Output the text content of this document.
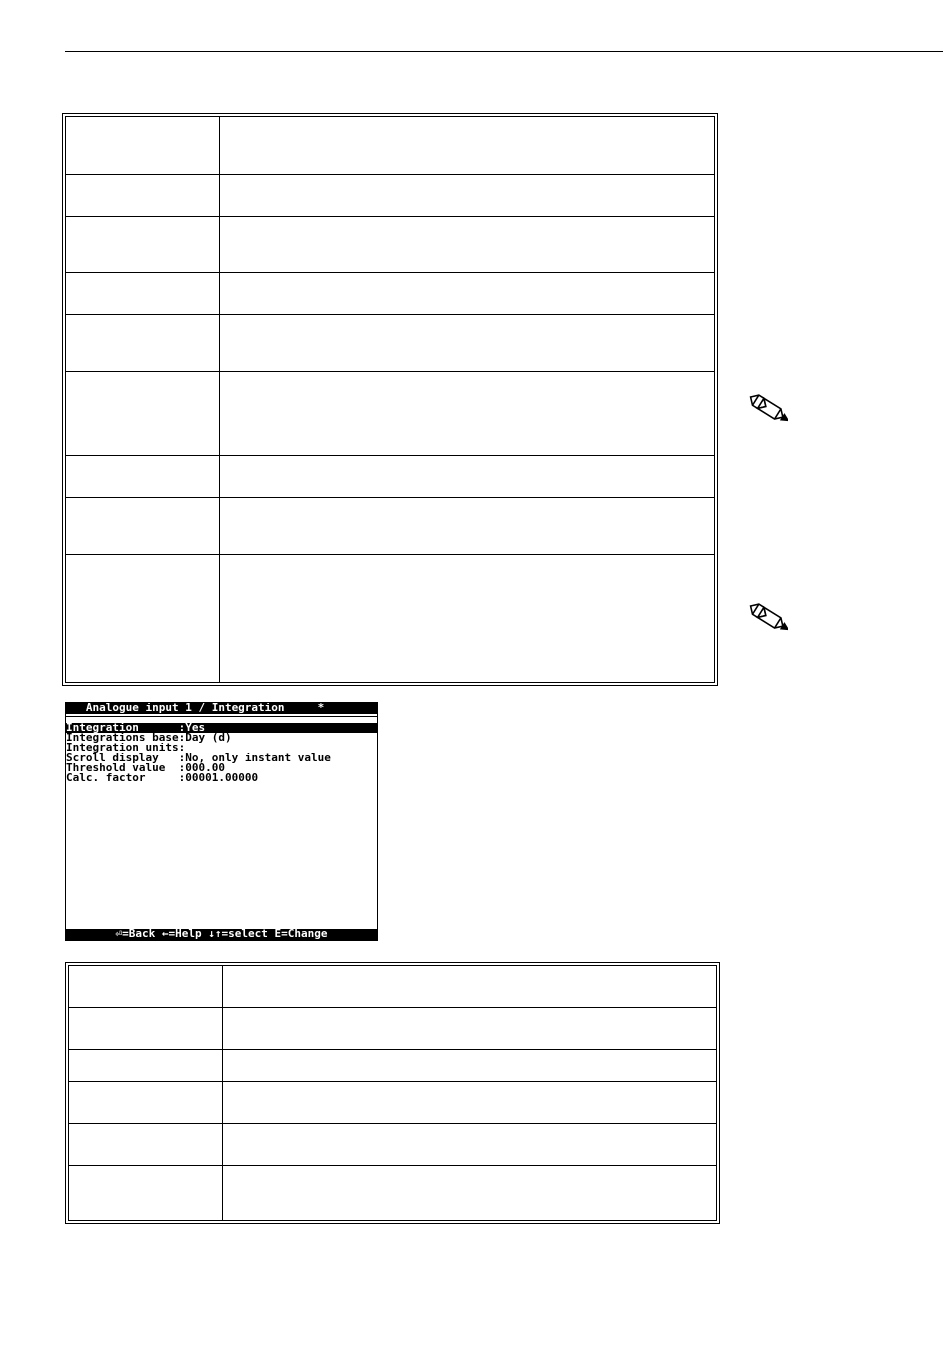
Analogue input 1 / Integration     *
Integration      :Yes
Integrations base:Day (d)
Integration units:
Scroll display   :No, only instant value
Threshold value  :000.00
Calc. factor     :00001.00000
⏎=Back ←=Help ↓↑=select E=Change
